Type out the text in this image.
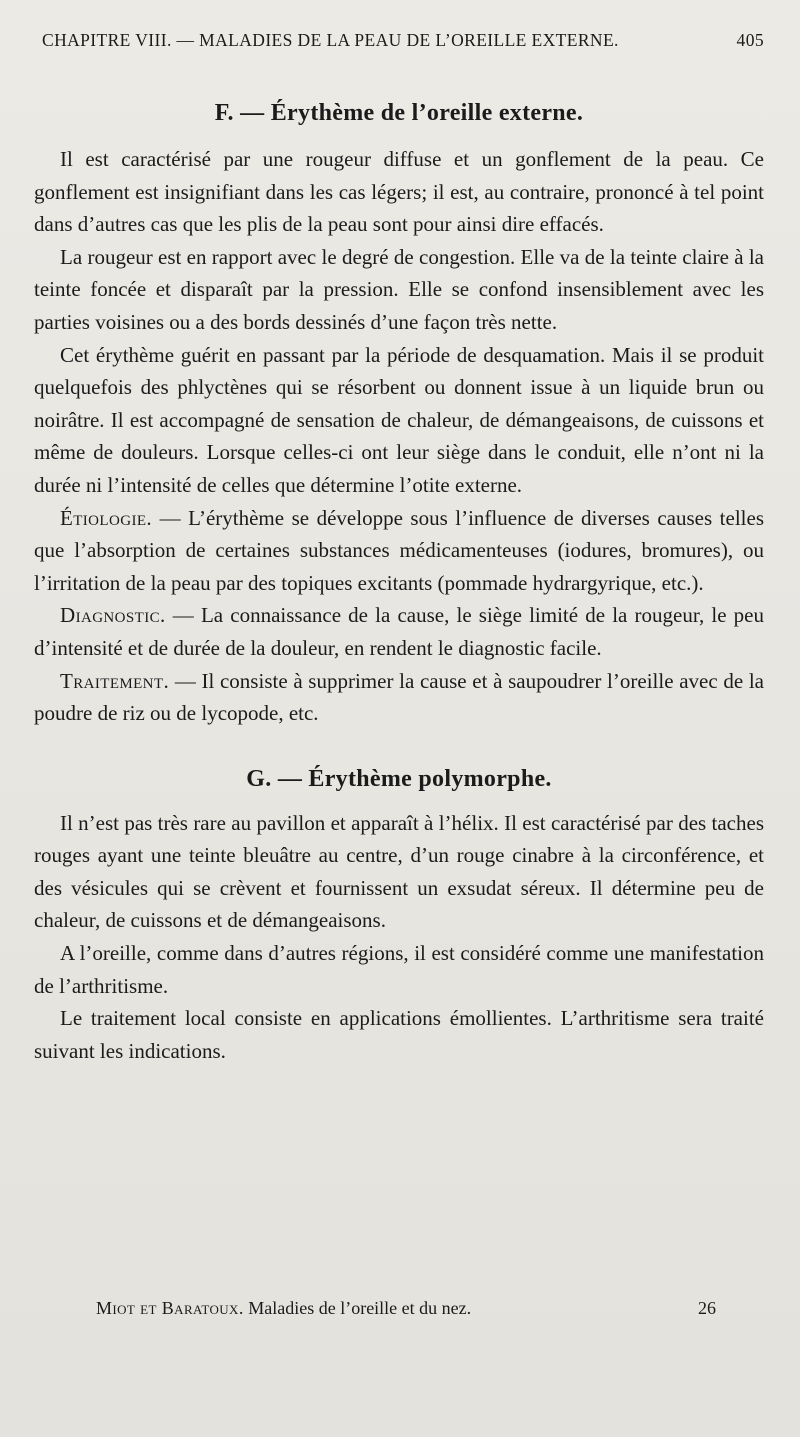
CHAPITRE VIII. — MALADIES DE LA PEAU DE L’OREILLE EXTERNE.	405
F. — Érythème de l’oreille externe.

Il est caractérisé par une rougeur diffuse et un gonflement de la peau. Ce gonflement est insignifiant dans les cas légers; il est, au contraire, prononcé à tel point dans d’autres cas que les plis de la peau sont pour ainsi dire effacés.

La rougeur est en rapport avec le degré de congestion. Elle va de la teinte claire à la teinte foncée et disparaît par la pression. Elle se confond insensiblement avec les parties voisines ou a des bords dessinés d’une façon très nette.

Cet érythème guérit en passant par la période de desquamation. Mais il se produit quelquefois des phlyctènes qui se résorbent ou donnent issue à un liquide brun ou noirâtre. Il est accompagné de sensation de chaleur, de démangeaisons, de cuissons et même de douleurs. Lorsque celles-ci ont leur siège dans le conduit, elle n’ont ni la durée ni l’intensité de celles que détermine l’otite externe.

Étiologie. — L’érythème se développe sous l’influence de diverses causes telles que l’absorption de certaines substances médicamenteuses (iodures, bromures), ou l’irritation de la peau par des topiques excitants (pommade hydrargyrique, etc.).

Diagnostic. — La connaissance de la cause, le siège limité de la rougeur, le peu d’intensité et de durée de la douleur, en rendent le diagnostic facile.

Traitement. — Il consiste à supprimer la cause et à saupoudrer l’oreille avec de la poudre de riz ou de lycopode, etc.

G. — Érythème polymorphe.

Il n’est pas très rare au pavillon et apparaît à l’hélix. Il est caractérisé par des taches rouges ayant une teinte bleuâtre au centre, d’un rouge cinabre à la circonférence, et des vésicules qui se crèvent et fournissent un exsudat séreux. Il détermine peu de chaleur, de cuissons et de démangeaisons.

A l’oreille, comme dans d’autres régions, il est considéré comme une manifestation de l’arthritisme.

Le traitement local consiste en applications émollientes. L’arthritisme sera traité suivant les indications.

Miot et Baratoux. Maladies de l’oreille et du nez.	26
